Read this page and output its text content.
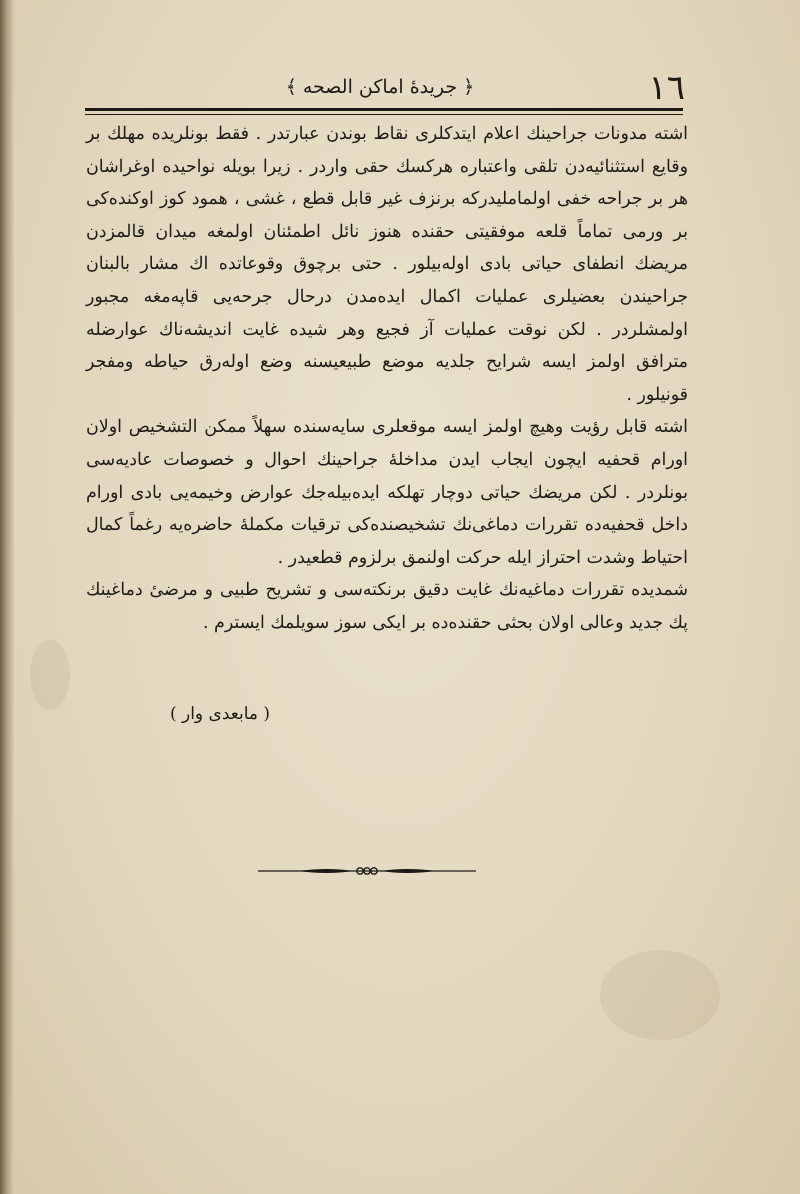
﴿ جريدهٔ اماكن الصحه ﴾	١٦

اشته مدونات جراحينك اعلام ايتدكلری نقاط بوندن عبارتدر . فقط بونلريده مهلك بر وقايع استثنائيه‌دن تلقی واعتباره هركسك حقی واردر . زيرا بويله نواحيده اوغراشان هر بر جراحه خفی اولماملیدرکه برنزف غير قابل قطع ، غشی ، همود كوز اوكنده‌كی بر ورمی تماماً قلعه موفقيتی حقنده هنوز نائل اطمئنان اولمغه ميدان قالمزدن مريضك انطفای حياتی بادی اوله‌بيلور . حتی برچوق وقوعاتده اك مشار بالبنان جراحيندن بعضيلری عمليات اكمال ايده‌مدن درحال جرحه‌يی قاپه‌مغه مجبور اولمشلردر . لكن نوقت عمليات آز فجيع وهر شيده غايت انديشه‌ناك عوارضله مترافق اولمز ايسه شرايح جلديه موضع طبيعيسنه وضع اوله‌رق حياطه ومفجر قونيلور .

اشته قابل رؤيت وهيچ اولمز ايسه موقعلری سايه‌سنده سهلاً ممكن التشخيص اولان اورام قحفيه ايچون ايجاب ايدن مداخلهٔ جراحينك احوال و خصوصات عاديه‌سی بونلردر . لكن مريضك حياتی دوچار تهلكه ايده‌بيله‌جك عوارض وخيمه‌يی بادی اورام داخل قحفيه‌ده تقررات دماغی‌نك تشخيصنده‌كی ترقيات مكملهٔ حاضره‌يه رغماً كمال احتياط وشدت احتراز ايله حركت اولنمق برلزوم قطعيدر .

شمديده تقررات دماغيه‌نك غايت دقيق برنكته‌سی و تشريح طبيی و مرضیٔ دماغينك پك جديد وعالی اولان بحثی حقنده‌ده بر ايكی سوز سويلمك ايسترم .

( مابعدی وار )
